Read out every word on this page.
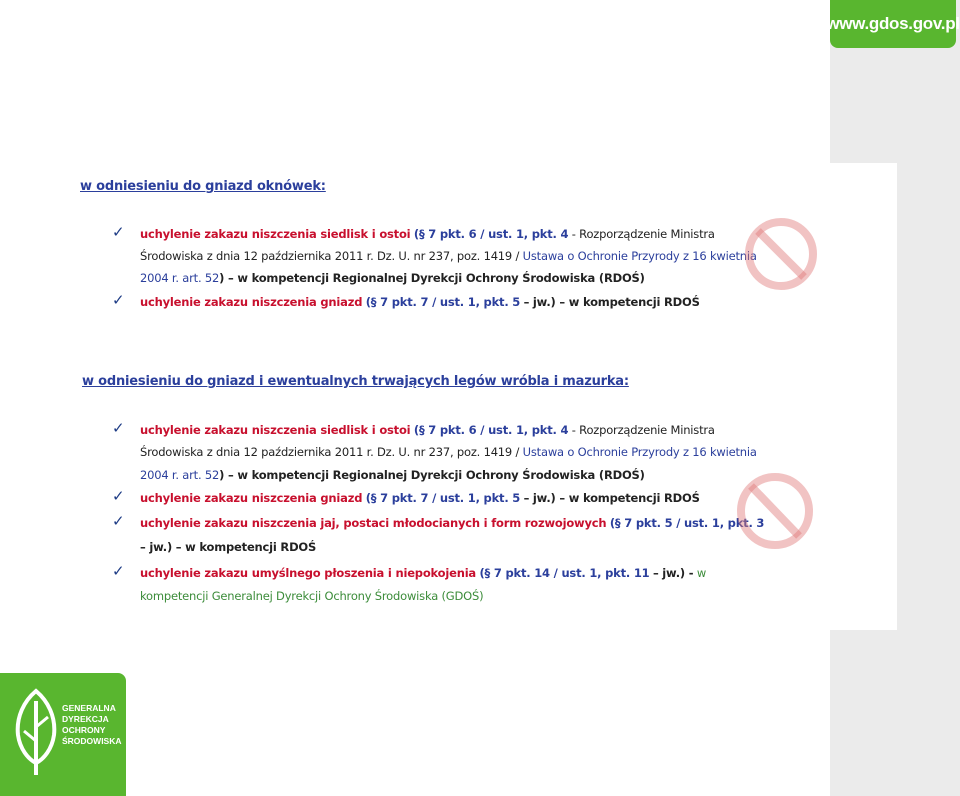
www.gdos.gov.pl
w odniesieniu do gniazd oknówek:
✓ uchylenie zakazu niszczenia siedlisk i ostoi (§ 7 pkt. 6 / ust. 1, pkt. 4 - Rozporządzenie Ministra
Środowiska z dnia 12 października 2011 r. Dz. U. nr 237, poz. 1419 / Ustawa o Ochronie Przyrody z 16 kwietnia
2004 r. art. 52) – w kompetencji Regionalnej Dyrekcji Ochrony Środowiska (RDOŚ)
✓ uchylenie zakazu niszczenia gniazd (§ 7 pkt. 7 / ust. 1, pkt. 5 – jw.) – w kompetencji RDOŚ
w odniesieniu do gniazd i ewentualnych trwających legów wróbla i mazurka:
✓ uchylenie zakazu niszczenia siedlisk i ostoi (§ 7 pkt. 6 / ust. 1, pkt. 4 - Rozporządzenie Ministra
Środowiska z dnia 12 października 2011 r. Dz. U. nr 237, poz. 1419 / Ustawa o Ochronie Przyrody z 16 kwietnia
2004 r. art. 52) – w kompetencji Regionalnej Dyrekcji Ochrony Środowiska (RDOŚ)
✓ uchylenie zakazu niszczenia gniazd (§ 7 pkt. 7 / ust. 1, pkt. 5 – jw.) – w kompetencji RDOŚ
✓ uchylenie zakazu niszczenia jaj, postaci młodocianych i form rozwojowych (§ 7 pkt. 5 / ust. 1, pkt. 3
– jw.) – w kompetencji RDOŚ
✓ uchylenie zakazu umyślnego płoszenia i niepokojenia (§ 7 pkt. 14 / ust. 1, pkt. 11 – jw.) - w
kompetencji Generalnej Dyrekcji Ochrony Środowiska (GDOŚ)
GENERALNA
DYREKCJA
OCHRONY
ŚRODOWISKA
